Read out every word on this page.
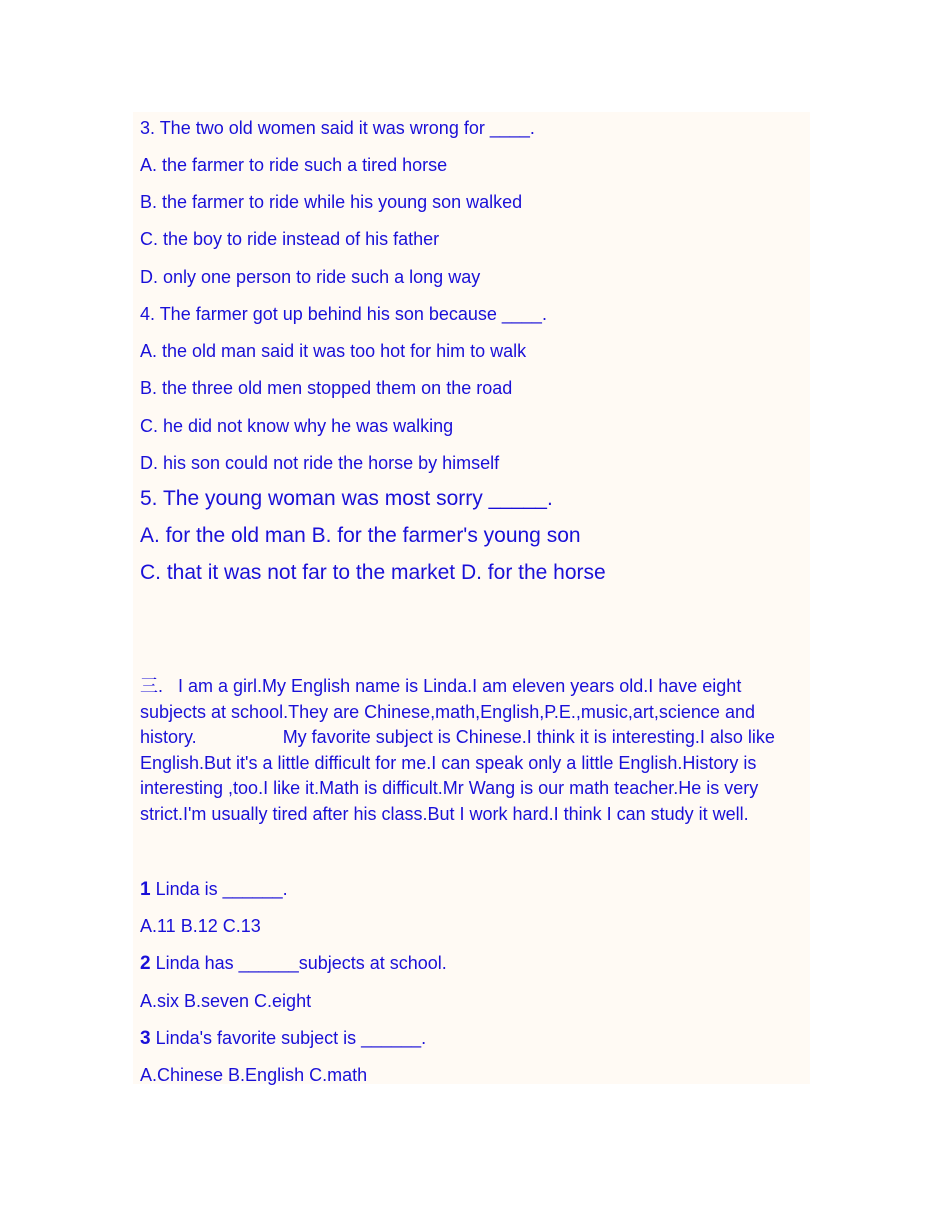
3. The two old women said it was wrong for ____.
A. the farmer to ride such a tired horse
B. the farmer to ride while his young son walked
C. the boy to ride instead of his father
D. only one person to ride such a long way
4. The farmer got up behind his son because ____.
A. the old man said it was too hot for him to walk
B. the three old men stopped them on the road
C. he did not know why he was walking
D. his son could not ride the horse by himself
5. The young woman was most sorry _____.
A. for the old man B. for the farmer's young son
C. that it was not far to the market D. for the horse
三. I am a girl.My English name is Linda.I am eleven years old.I have eight
subjects at school.They are Chinese,math,English,P.E.,music,art,science and
history.	My favorite subject is Chinese.I think it is interesting.I also like
English.But it's a little difficult for me.I can speak only a little English.History is
interesting ,too.I like it.Math is difficult.Mr Wang is our math teacher.He is very
strict.I'm usually tired after his class.But I work hard.I think I can study it well.
1 Linda is ______.
A.11 B.12 C.13
2 Linda has ______subjects at school.
A.six B.seven C.eight
3 Linda's favorite subject is ______.
A.Chinese B.English C.math
